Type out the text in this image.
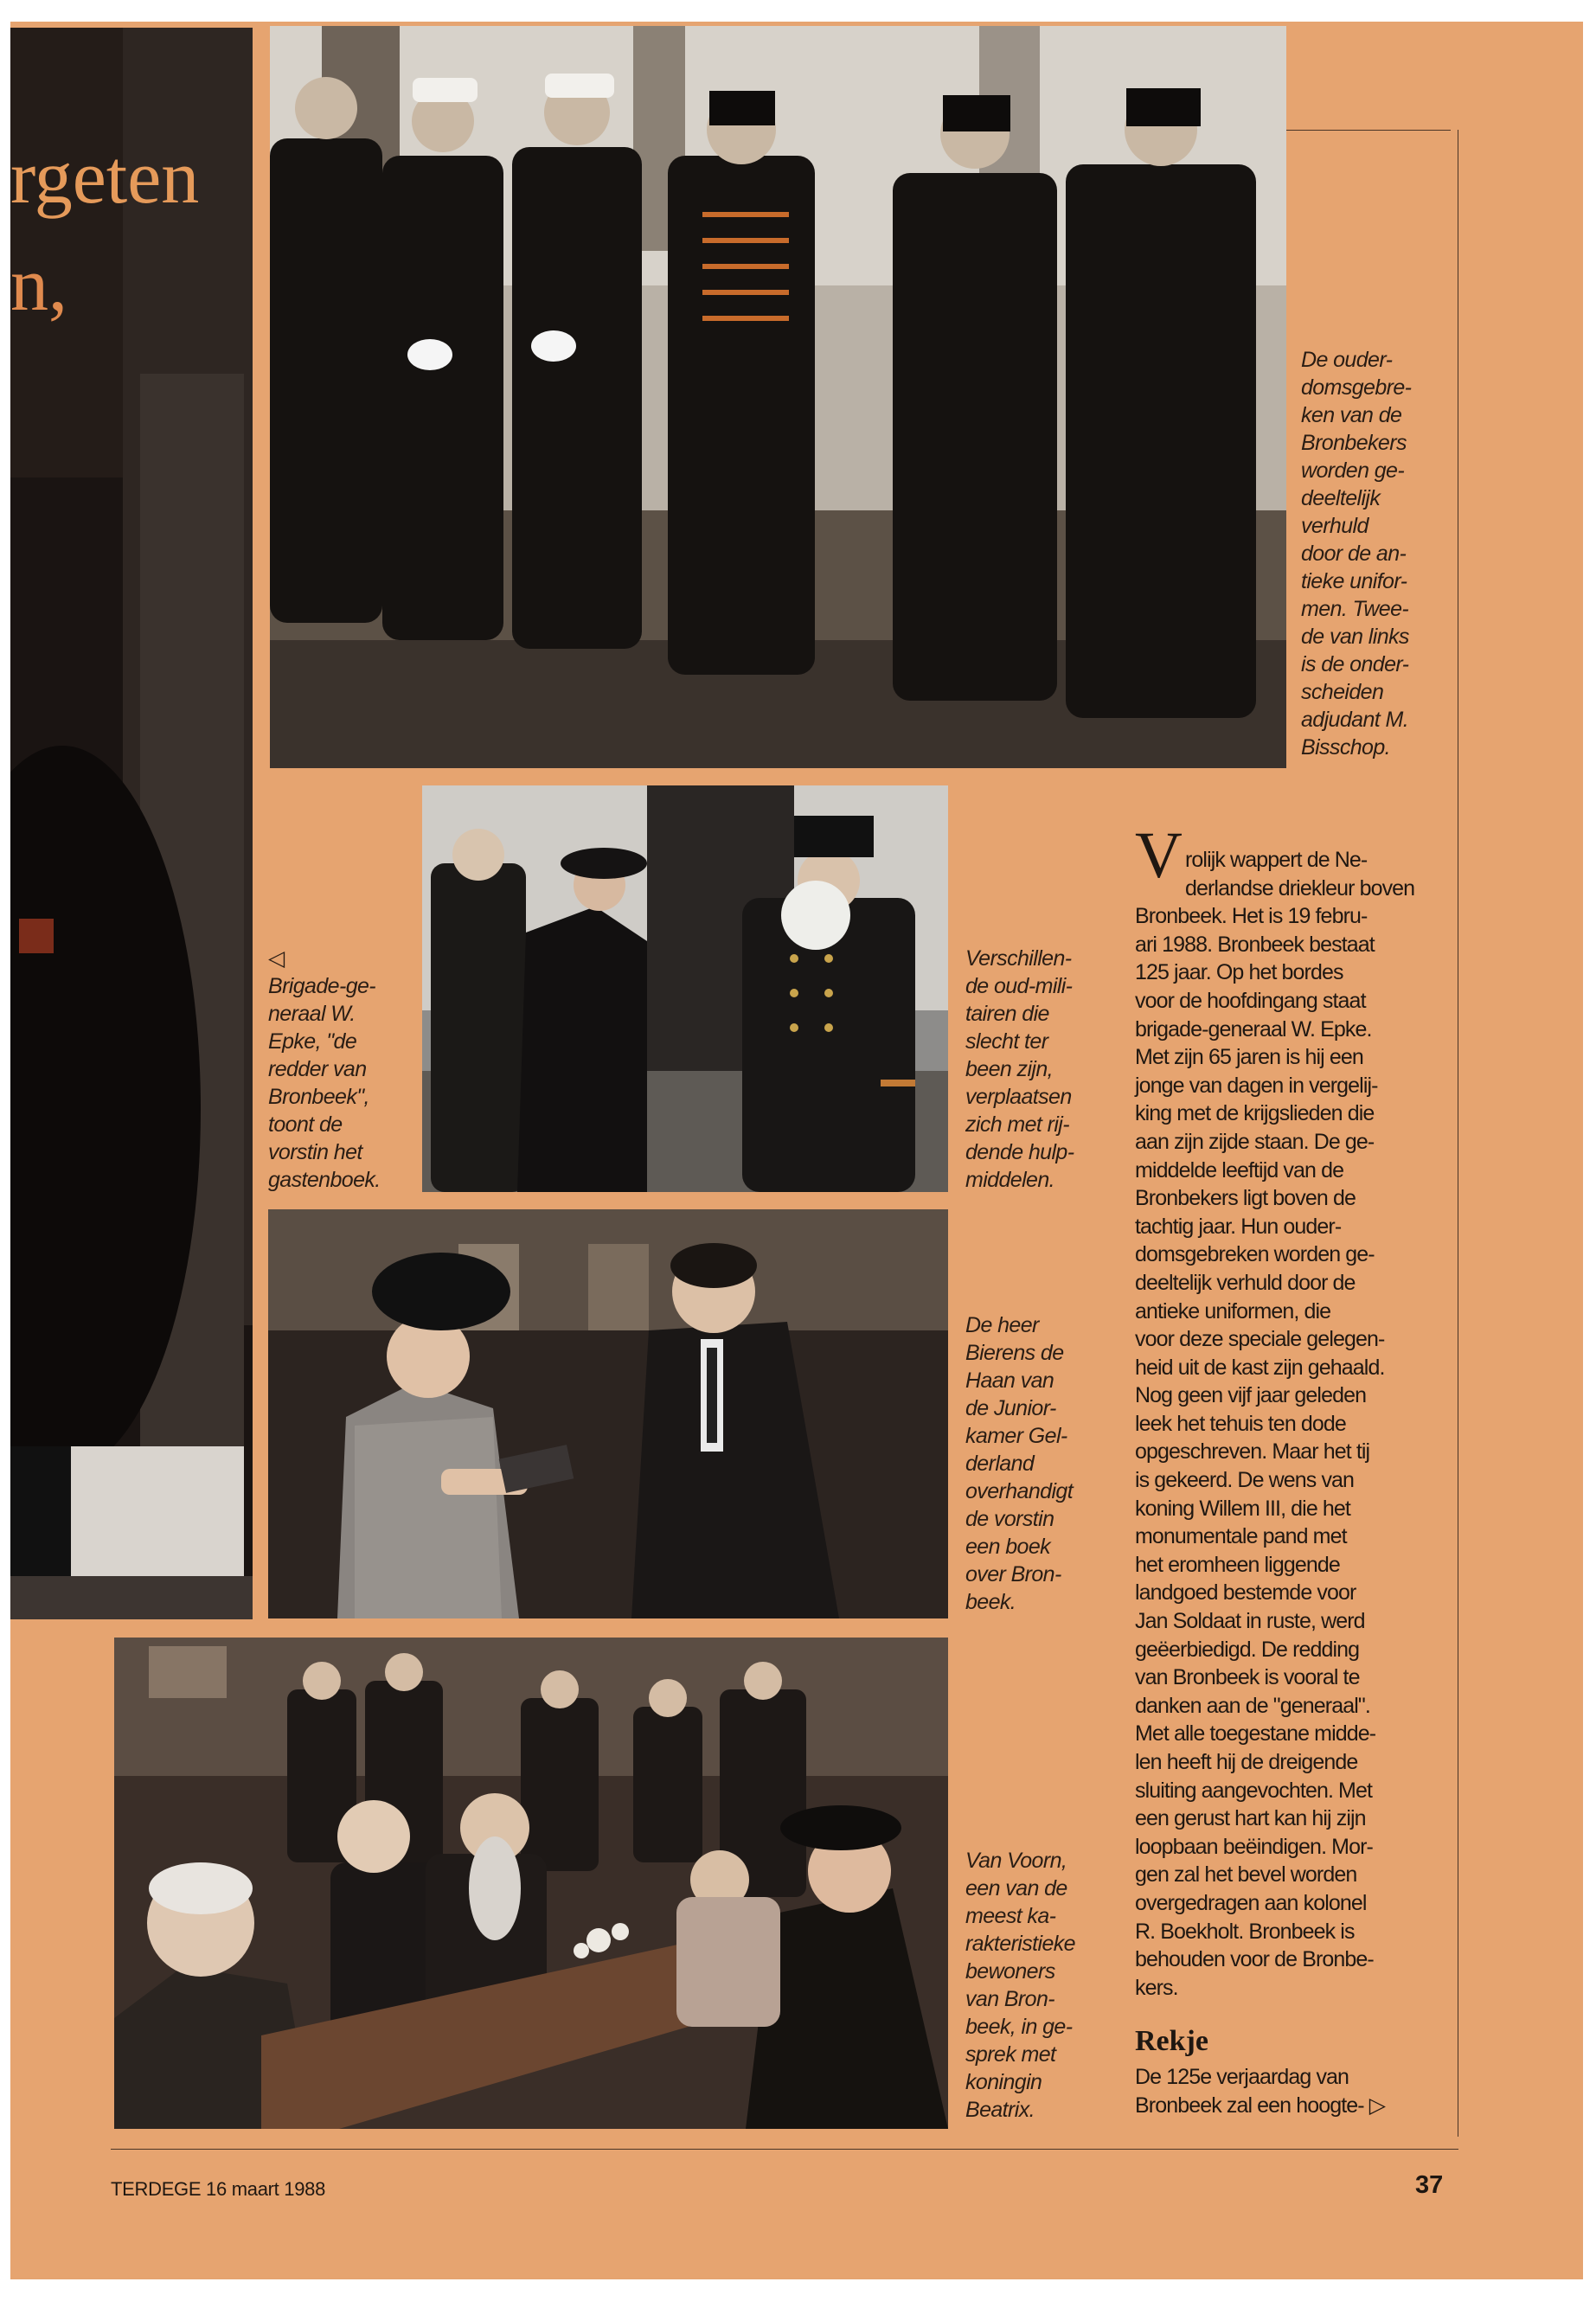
rgeten
n,

De ouder-
domsgebre-
ken van de
Bronbekers
worden ge-
deeltelijk
verhuld
door de an-
tieke unifor-
men. Twee-
de van links
is de onder-
scheiden
adjudant M.
Bisschop.

◁

Brigade-ge-
neraal W.
Epke, "de
redder van
Bronbeek",
toont de
vorstin het
gastenboek.

Verschillen-
de oud-mili-
tairen die
slecht ter
been zijn,
verplaatsen
zich met rij-
dende hulp-
middelen.

De heer
Bierens de
Haan van
de Junior-
kamer Gel-
derland
overhandigt
de vorstin
een boek
over Bron-
beek.

Van Voorn,
een van de
meest ka-
rakteristieke
bewoners
van Bron-
beek, in ge-
sprek met
koningin
Beatrix.

V rolijk wappert de Ne-
derlandse driekleur boven
Bronbeek. Het is 19 febru-
ari 1988. Bronbeek bestaat
125 jaar. Op het bordes
voor de hoofdingang staat
brigade-generaal W. Epke.
Met zijn 65 jaren is hij een
jonge van dagen in vergelij-
king met de krijgslieden die
aan zijn zijde staan. De ge-
middelde leeftijd van de
Bronbekers ligt boven de
tachtig jaar. Hun ouder-
domsgebreken worden ge-
deeltelijk verhuld door de
antieke uniformen, die
voor deze speciale gelegen-
heid uit de kast zijn gehaald.
Nog geen vijf jaar geleden
leek het tehuis ten dode
opgeschreven. Maar het tij
is gekeerd. De wens van
koning Willem III, die het
monumentale pand met
het eromheen liggende
landgoed bestemde voor
Jan Soldaat in ruste, werd
geëerbiedigd. De redding
van Bronbeek is vooral te
danken aan de "generaal".
Met alle toegestane midde-
len heeft hij de dreigende
sluiting aangevochten. Met
een gerust hart kan hij zijn
loopbaan beëindigen. Mor-
gen zal het bevel worden
overgedragen aan kolonel
R. Boekholt. Bronbeek is
behouden voor de Bronbe-
kers.

Rekje

De 125e verjaardag van
Bronbeek zal een hoogte- ▷

TERDEGE 16 maart 1988	37
